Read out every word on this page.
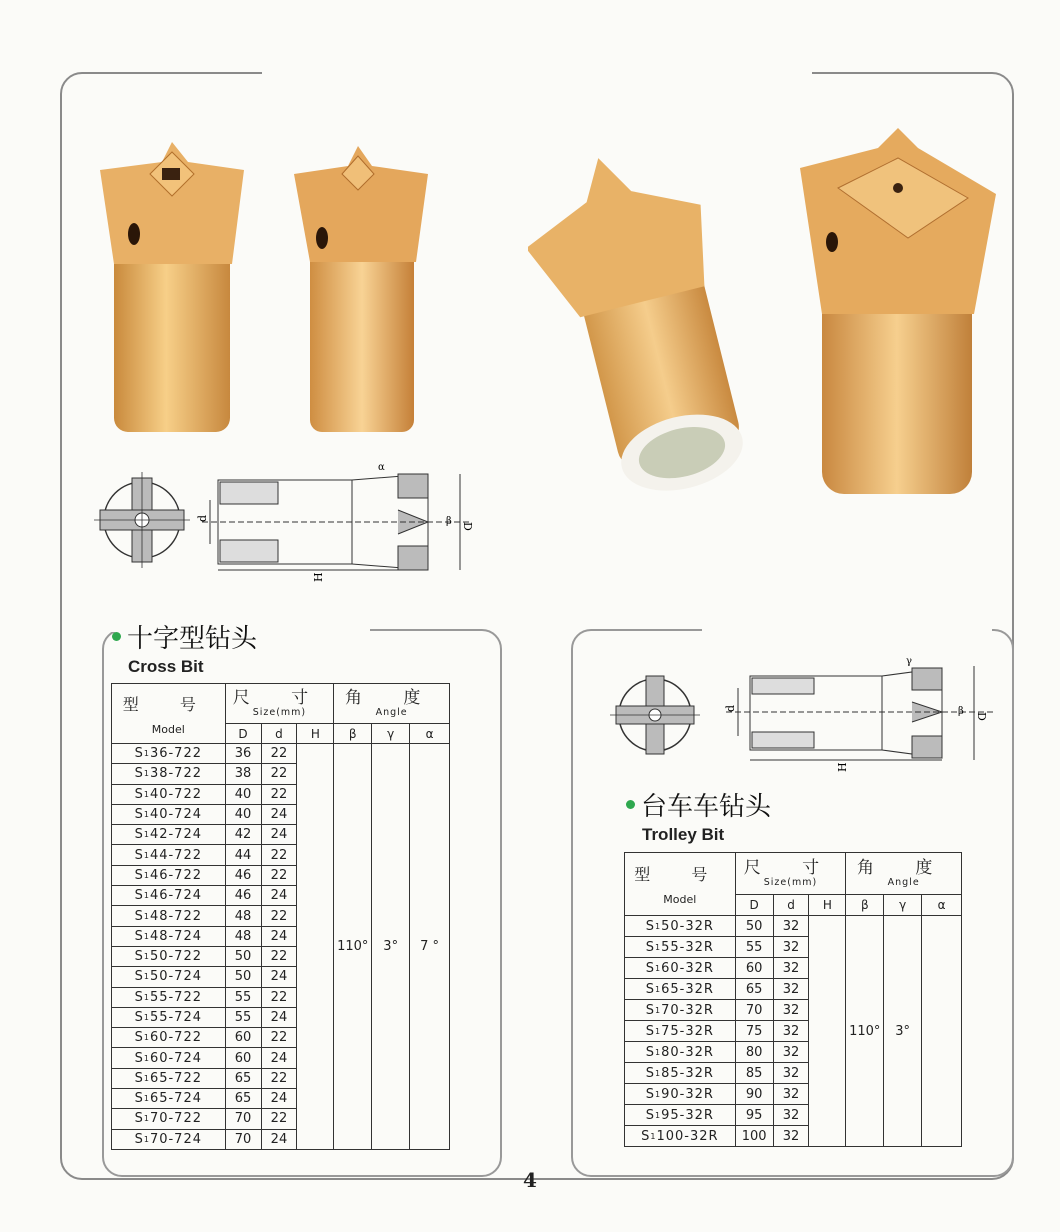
H
D
d	β
α
H
D
d	β
γ
十字型钻头
Cross Bit
台车车钻头
Trolley Bit
型 号
Model	尺 寸
Size(mm)			角 度
Angle		

	D	d	H	β	γ	α
S136-722	36	22		110°	3°	7 °
S138-722	38	22				
S140-722	40	22				
S140-724	40	24				
S142-724	42	24				
S144-722	44	22				
S146-722	46	22				
S146-724	46	24				
S148-722	48	22				
S148-724	48	24				
S150-722	50	22				
S150-724	50	24				
S155-722	55	22				
S155-724	55	24				
S160-722	60	22				
S160-724	60	24				
S165-722	65	22				
S165-724	65	24				
S170-722	70	22				
S170-724	70	24				
型 号
Model	尺 寸
Size(mm)			角 度
Angle		

	D	d	H	β	γ	α
S150-32R	50	32		110°	3°	
S155-32R	55	32				
S160-32R	60	32				
S165-32R	65	32				
S170-32R	70	32				
S175-32R	75	32				
S180-32R	80	32				
S185-32R	85	32				
S190-32R	90	32				
S195-32R	95	32				
S1100-32R	100	32				
4
